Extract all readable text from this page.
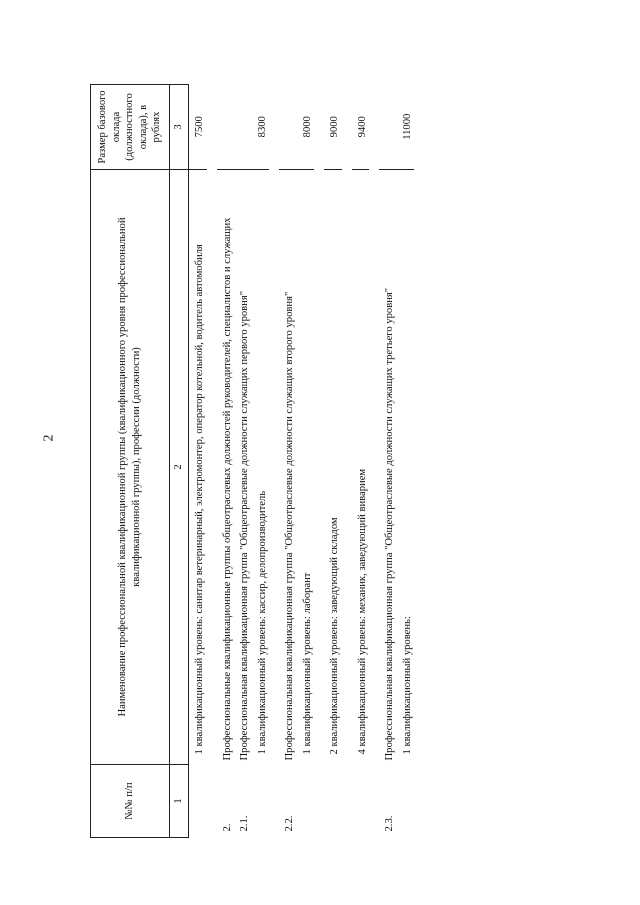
2
№№ п/п	Наименование профессиональной квалификационной группы (квалификационного уровня профессиональной квалификационной группы), профессии (должности)	Размер базового оклада (должностного оклада), в рублях
1	2	3
	1 квалификационный уровень: санитар ветеринарный, электромонтер, оператор котельной, водитель автомобиля	7500

2.	Профессиональные квалификационные группы общеотраслевых должностей руководителей, специалистов и служащих	
2.1.	Профессиональная квалификационная группа "Общеотраслевые должности служащих первого уровня"	
	1 квалификационный уровень: кассир, делопроизводитель	8300

2.2.	Профессиональная квалификационная группа "Общеотраслевые должности служащих второго уровня"	
	1 квалификационный уровень: лаборант	8000

	2 квалификационный уровень: заведующий складом	9000

	4 квалификационный уровень: механик, заведующий виварием	9400

2.3.	Профессиональная квалификационная группа "Общеотраслевые должности служащих третьего уровня"	
	1 квалификационный уровень:	11000
